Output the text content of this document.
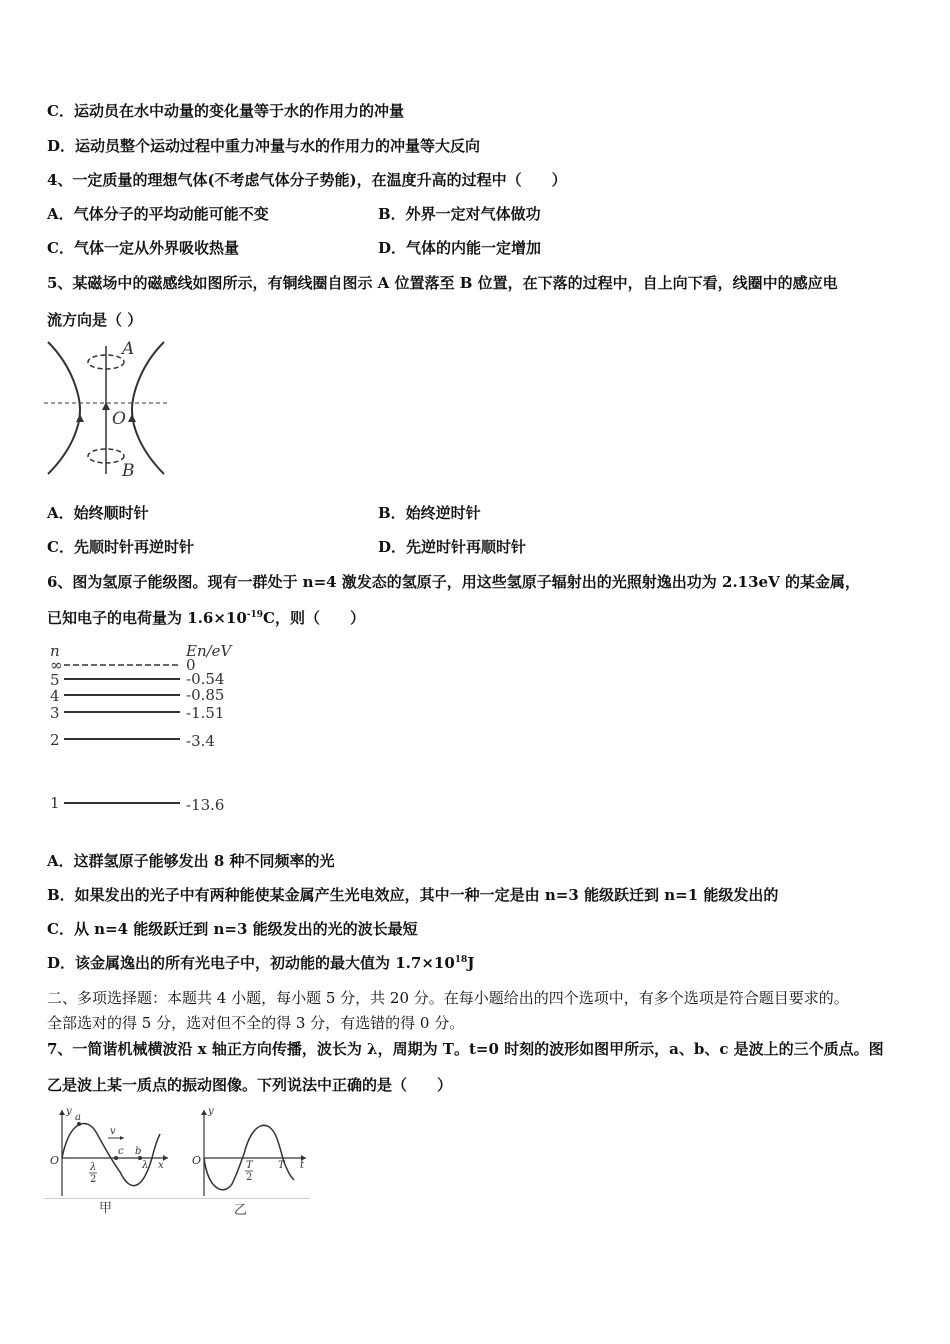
C．运动员在水中动量的变化量等于水的作用力的冲量
D．运动员整个运动过程中重力冲量与水的作用力的冲量等大反向
4、一定质量的理想气体(不考虑气体分子势能)，在温度升高的过程中（　　）
A．气体分子的平均动能可能不变	B．外界一定对气体做功
C．气体一定从外界吸收热量	D．气体的内能一定增加
5、某磁场中的磁感线如图所示，有铜线圈自图示 A 位置落至 B 位置，在下落的过程中，自上向下看，线圈中的感应电
流方向是（ ）
A
O
B
A．始终顺时针	B．始终逆时针
C．先顺时针再逆时针	D．先逆时针再顺时针
6、图为氢原子能级图。现有一群处于 n=4 激发态的氢原子，用这些氢原子辐射出的光照射逸出功为 2.13eV 的某金属，
已知电子的电荷量为 $1.6\times 10^{-19}C$，则（　　）
n	En/eV
∞	0
5	-0.54
4	-0.85
3	-1.51
2	-3.4
1	-13.6
A．这群氢原子能够发出 8 种不同频率的光
B．如果发出的光子中有两种能使某金属产生光电效应，其中一种一定是由 n=3 能级跃迁到 n=1 能级发出的
C．从 n=4 能级跃迁到 n=3 能级发出的光的波长最短
D．该金属逸出的所有光电子中，初动能的最大值为 $1.7\times 10^{18}J$
二、多项选择题：本题共 4 小题，每小题 5 分，共 20 分。在每小题给出的四个选项中，有多个选项是符合题目要求的。
全部选对的得 5 分，选对但不全的得 3 分，有选错的得 0 分。
7、一简谐机械横波沿 x 轴正方向传播，波长为 λ，周期为 T。t=0 时刻的波形如图甲所示，a、b、c 是波上的三个质点。图
乙是波上某一质点的振动图像。下列说法中正确的是（　　）
O
y
x
a
c b
v
λ
2
λ
甲
O
y
t
T
2
T
乙
